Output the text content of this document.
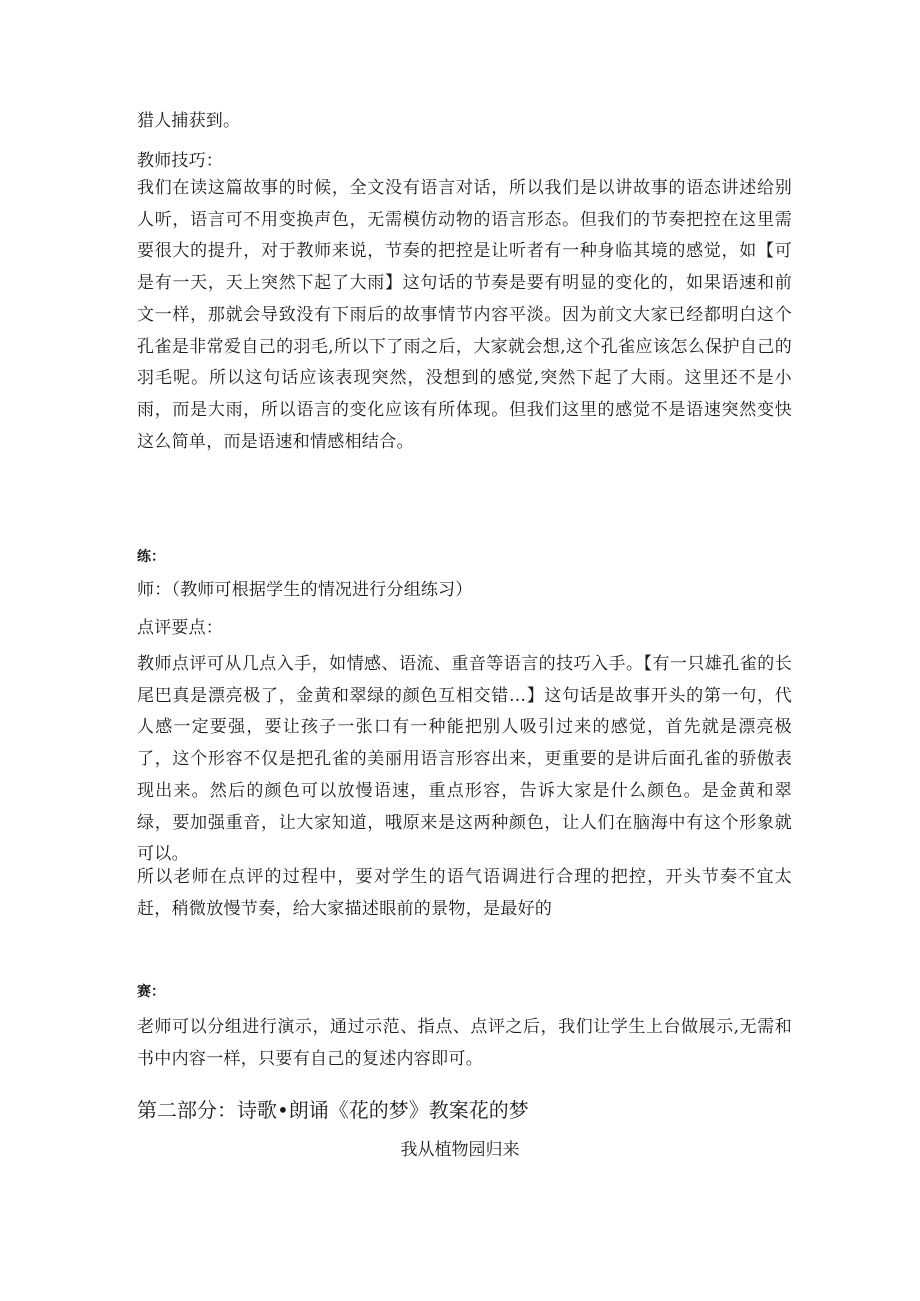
猎人捕获到。
教师技巧：

我们在读这篇故事的时候，全文没有语言对话，所以我们是以讲故事的语态讲述给别人听，语言可不用变换声色，无需模仿动物的语言形态。但我们的节奏把控在这里需要很大的提升，对于教师来说，节奏的把控是让听者有一种身临其境的感觉，如【可是有一天，天上突然下起了大雨】这句话的节奏是要有明显的变化的，如果语速和前文一样，那就会导致没有下雨后的故事情节内容平淡。因为前文大家已经都明白这个孔雀是非常爱自己的羽毛,所以下了雨之后，大家就会想,这个孔雀应该怎么保护自己的羽毛呢。所以这句话应该表现突然，没想到的感觉,突然下起了大雨。这里还不是小雨，而是大雨，所以语言的变化应该有所体现。但我们这里的感觉不是语速突然变快这么简单，而是语速和情感相结合。

练：
师：（教师可根据学生的情况进行分组练习）
点评要点：

教师点评可从几点入手，如情感、语流、重音等语言的技巧入手。【有一只雄孔雀的长尾巴真是漂亮极了，金黄和翠绿的颜色互相交错…】这句话是故事开头的第一句，代人感一定要强，要让孩子一张口有一种能把别人吸引过来的感觉，首先就是漂亮极了，这个形容不仅是把孔雀的美丽用语言形容出来，更重要的是讲后面孔雀的骄傲表现出来。然后的颜色可以放慢语速，重点形容，告诉大家是什么颜色。是金黄和翠绿，要加强重音，让大家知道，哦原来是这两种颜色，让人们在脑海中有这个形象就可以。

所以老师在点评的过程中，要对学生的语气语调进行合理的把控，开头节奏不宜太赶，稍微放慢节奏，给大家描述眼前的景物，是最好的

赛：

老师可以分组进行演示，通过示范、指点、点评之后，我们让学生上台做展示,无需和书中内容一样，只要有自己的复述内容即可。

第二部分：诗歌•朗诵《花的梦》教案花的梦
我从植物园归来
